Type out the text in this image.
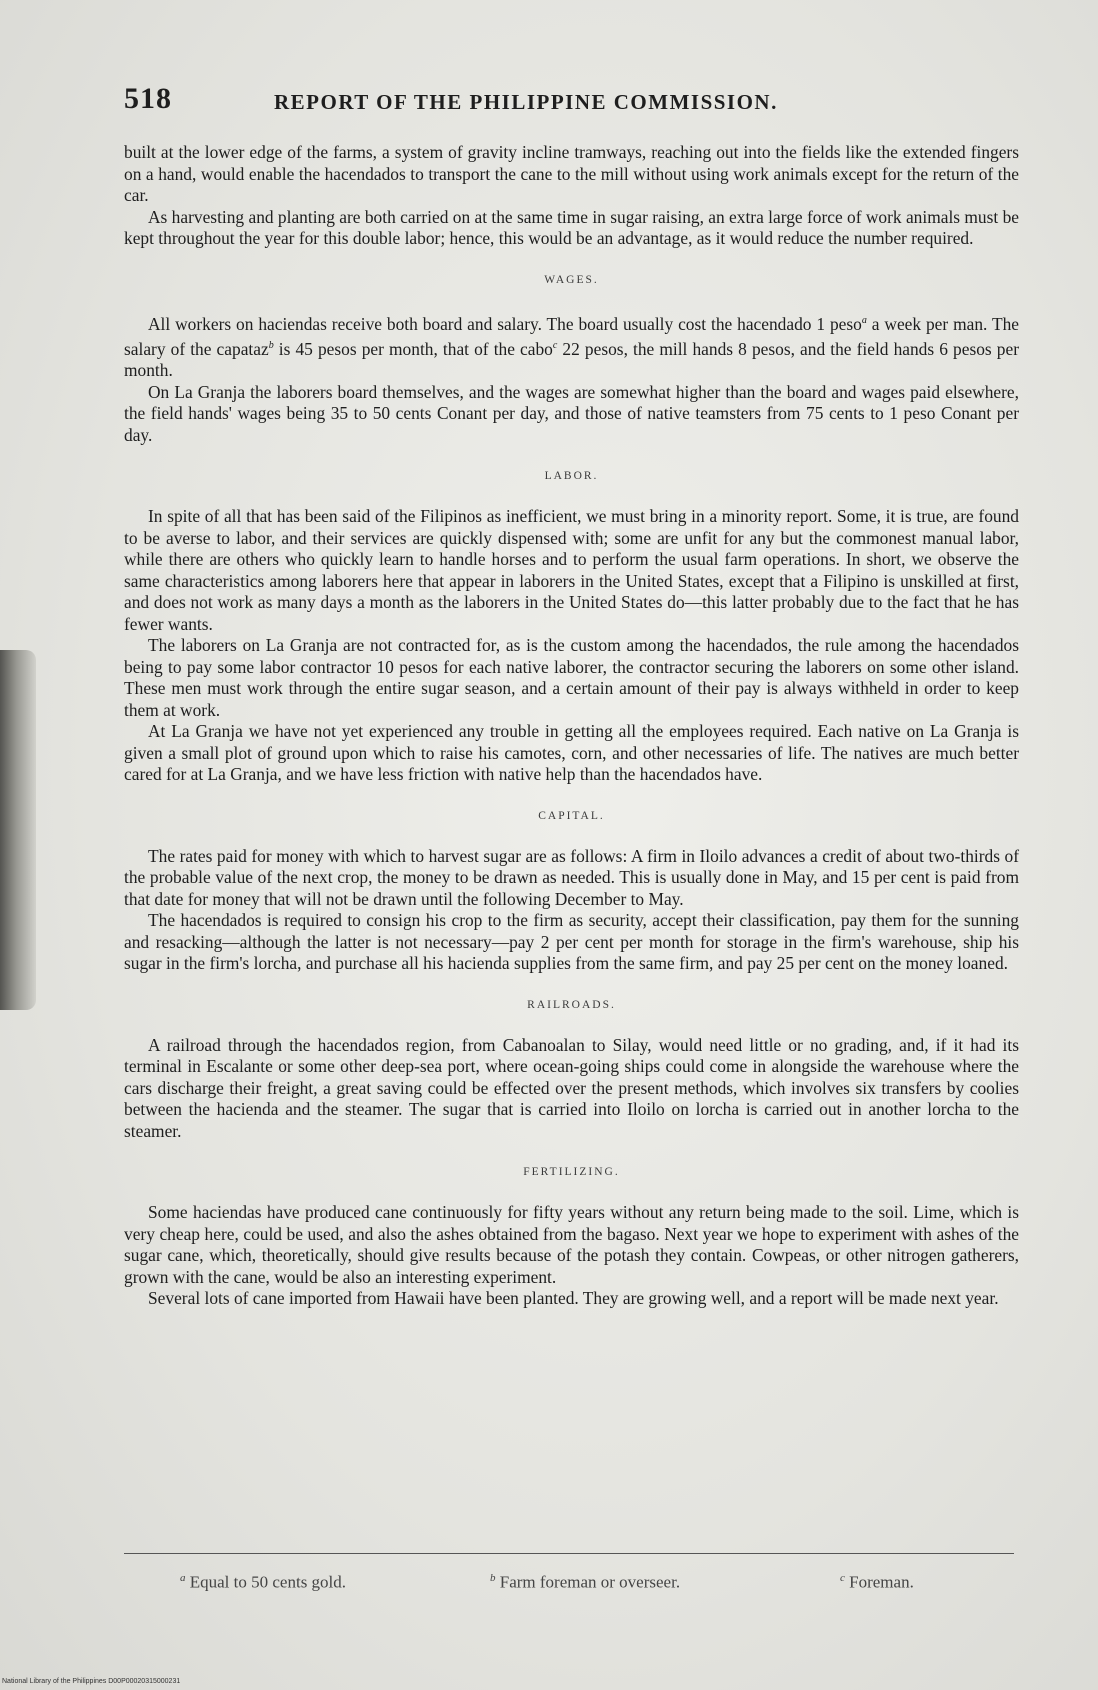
518	REPORT OF THE PHILIPPINE COMMISSION.

built at the lower edge of the farms, a system of gravity incline tramways, reaching out into the fields like the extended fingers on a hand, would enable the hacendados to transport the cane to the mill without using work animals except for the return of the car.

As harvesting and planting are both carried on at the same time in sugar raising, an extra large force of work animals must be kept throughout the year for this double labor; hence, this would be an advantage, as it would reduce the number required.

WAGES.

All workers on haciendas receive both board and salary. The board usually cost the hacendado 1 peso$^a$ a week per man. The salary of the capataz$^b$ is 45 pesos per month, that of the cabo$^c$ 22 pesos, the mill hands 8 pesos, and the field hands 6 pesos per month.

On La Granja the laborers board themselves, and the wages are somewhat higher than the board and wages paid elsewhere, the field hands' wages being 35 to 50 cents Conant per day, and those of native teamsters from 75 cents to 1 peso Conant per day.

LABOR.

In spite of all that has been said of the Filipinos as inefficient, we must bring in a minority report. Some, it is true, are found to be averse to labor, and their services are quickly dispensed with; some are unfit for any but the commonest manual labor, while there are others who quickly learn to handle horses and to perform the usual farm operations. In short, we observe the same characteristics among laborers here that appear in laborers in the United States, except that a Filipino is unskilled at first, and does not work as many days a month as the laborers in the United States do—this latter probably due to the fact that he has fewer wants.

The laborers on La Granja are not contracted for, as is the custom among the hacendados, the rule among the hacendados being to pay some labor contractor 10 pesos for each native laborer, the contractor securing the laborers on some other island. These men must work through the entire sugar season, and a certain amount of their pay is always withheld in order to keep them at work.

At La Granja we have not yet experienced any trouble in getting all the employees required. Each native on La Granja is given a small plot of ground upon which to raise his camotes, corn, and other necessaries of life. The natives are much better cared for at La Granja, and we have less friction with native help than the hacendados have.

CAPITAL.

The rates paid for money with which to harvest sugar are as follows: A firm in Iloilo advances a credit of about two-thirds of the probable value of the next crop, the money to be drawn as needed. This is usually done in May, and 15 per cent is paid from that date for money that will not be drawn until the following December to May.

The hacendados is required to consign his crop to the firm as security, accept their classification, pay them for the sunning and resacking—although the latter is not necessary—pay 2 per cent per month for storage in the firm's warehouse, ship his sugar in the firm's lorcha, and purchase all his hacienda supplies from the same firm, and pay 25 per cent on the money loaned.

RAILROADS.

A railroad through the hacendados region, from Cabanoalan to Silay, would need little or no grading, and, if it had its terminal in Escalante or some other deep-sea port, where ocean-going ships could come in alongside the warehouse where the cars discharge their freight, a great saving could be effected over the present methods, which involves six transfers by coolies between the hacienda and the steamer. The sugar that is carried into Iloilo on lorcha is carried out in another lorcha to the steamer.

FERTILIZING.

Some haciendas have produced cane continuously for fifty years without any return being made to the soil. Lime, which is very cheap here, could be used, and also the ashes obtained from the bagaso. Next year we hope to experiment with ashes of the sugar cane, which, theoretically, should give results because of the potash they contain. Cowpeas, or other nitrogen gatherers, grown with the cane, would be also an interesting experiment.

Several lots of cane imported from Hawaii have been planted. They are growing well, and a report will be made next year.

$^a$ Equal to 50 cents gold.	$^b$ Farm foreman or overseer.	$^c$ Foreman.
National Library of the Philippines D00P00020315000231
